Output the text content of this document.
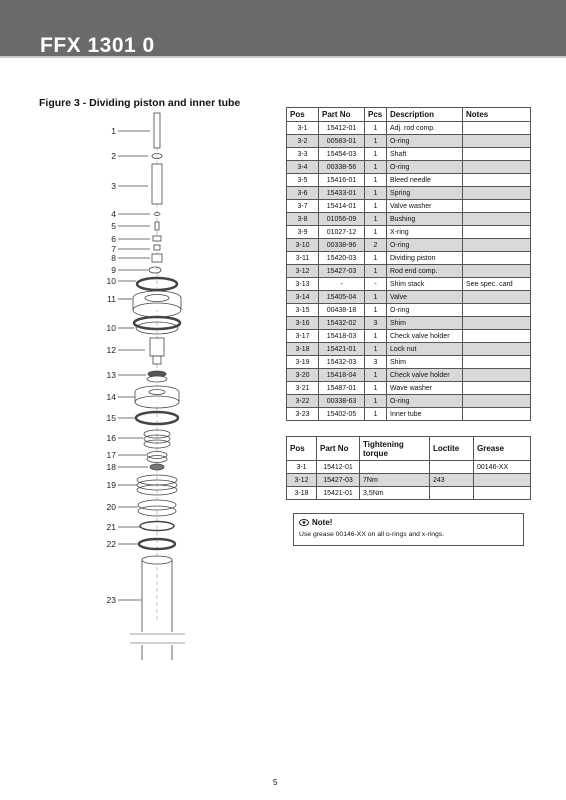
FFX 1301 0
Figure 3 - Dividing piston and inner tube
1
2
3
4
5
6
7
8
9
10
11
10
12
13
14
15
16
17
18
19
20
21
22
23
Pos	Part No	Pcs	Description	Notes
3-1	15412-01	1	Adj. rod comp.	
3-2	00583-01	1	O-ring	
3-3	15454-03	1	Shaft	
3-4	00338-56	1	O-ring	
3-5	15416-01	1	Bleed needle	
3-6	15433-01	1	Spring	
3-7	15414-01	1	Valve washer	
3-8	01056-09	1	Bushing	
3-9	01027-12	1	X-ring	
3-10	00338-96	2	O-ring	
3-11	15420-03	1	Dividing piston	
3-12	15427-03	1	Rod end comp.	
3-13	-	-	Shim stack	See spec. card
3-14	15405-04	1	Valve	
3-15	00438-18	1	O-ring	
3-16	15432-02	3	Shim	
3-17	15418-03	1	Check valve holder	
3-18	15421-01	1	Lock nut	
3-19	15432-03	3	Shim	
3-20	15418-04	1	Check valve holder	
3-21	15487-01	1	Wave washer	
3-22	00338-63	1	O-ring	
3-23	15402-05	1	Inner tube	
Pos	Part No	Tightening torque	Loctite	Grease
3-1	15412-01			00146-XX
3-12	15427-03	7Nm	243	
3-18	15421-01	3,5Nm		
Note!
Use grease 00146-XX on all o-rings and x-rings.
5
